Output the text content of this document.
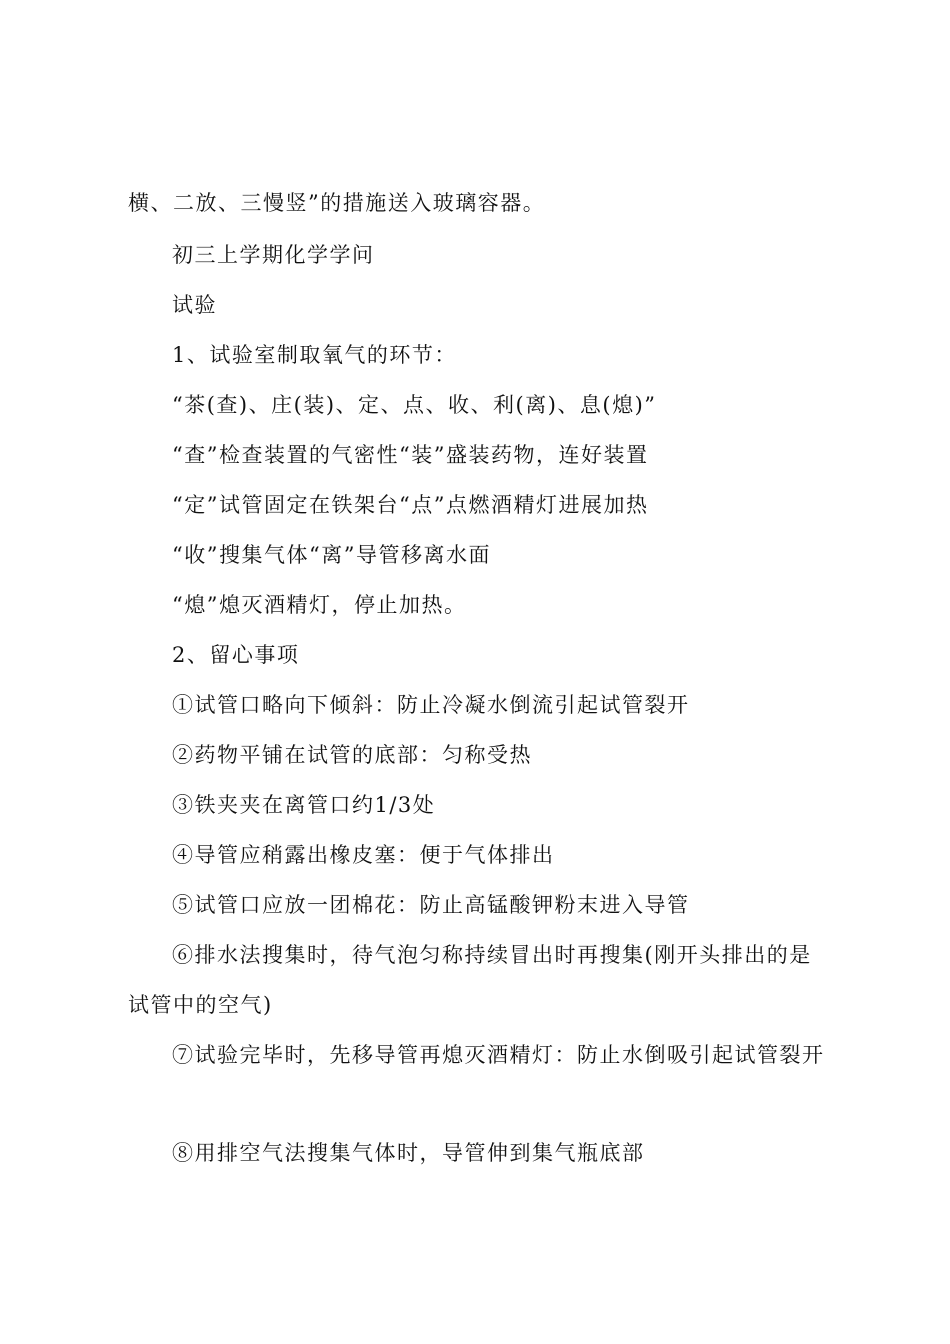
横、二放、三慢竖”的措施送入玻璃容器。
初三上学期化学学问
试验
1、试验室制取氧气的环节：
“茶(查)、庄(装)、定、点、收、利(离)、息(熄)”
“查”检查装置的气密性“装”盛装药物，连好装置
“定”试管固定在铁架台“点”点燃酒精灯进展加热
“收”搜集气体“离”导管移离水面
“熄”熄灭酒精灯，停止加热。
2、留心事项
①试管口略向下倾斜：防止冷凝水倒流引起试管裂开
②药物平铺在试管的底部：匀称受热
③铁夹夹在离管口约1/3处
④导管应稍露出橡皮塞：便于气体排出
⑤试管口应放一团棉花：防止高锰酸钾粉末进入导管
⑥排水法搜集时，待气泡匀称持续冒出时再搜集(刚开头排出的是
试管中的空气)
⑦试验完毕时，先移导管再熄灭酒精灯：防止水倒吸引起试管裂开
⑧用排空气法搜集气体时，导管伸到集气瓶底部
